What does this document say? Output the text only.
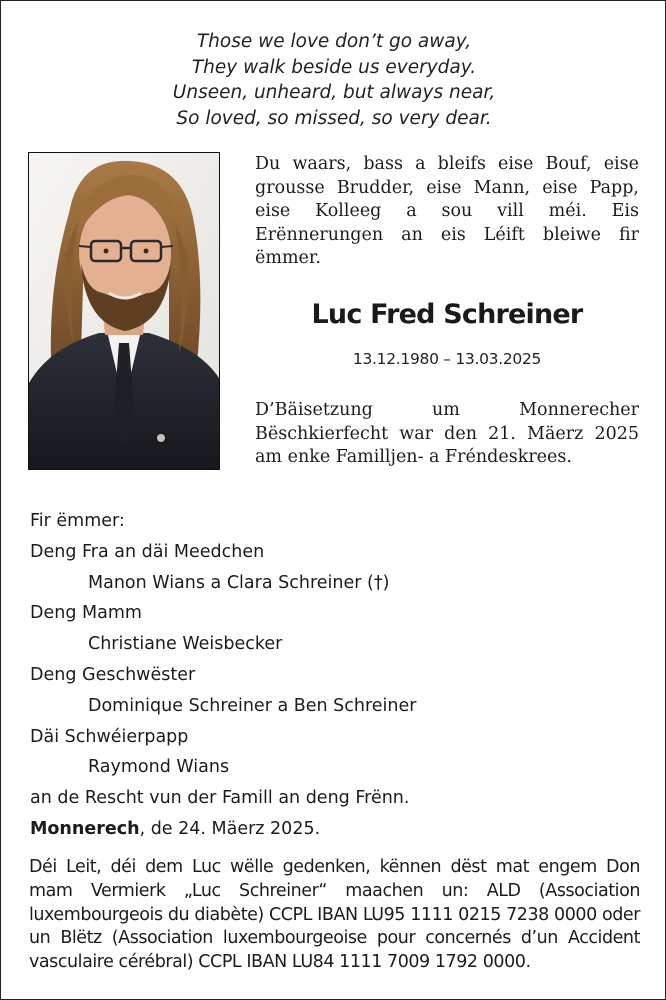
Those we love don’t go away,
They walk beside us everyday.
Unseen, unheard, but always near,
So loved, so missed, so very dear.
Du waars, bass a bleifs eise Bouf, eise grousse Brudder, eise Mann, eise Papp, eise Kolleeg a sou vill méi. Eis Erënnerungen an eis Léift bleiwe fir ëmmer.
Luc Fred Schreiner
13.12.1980 – 13.03.2025
D’Bäisetzung um Monnerecher Bëschkierfecht war den 21. Mäerz 2025 am enke Familljen- a Fréndeskrees.
Fir ëmmer:
Deng Fra an däi Meedchen
Manon Wians a Clara Schreiner (†)
Deng Mamm
Christiane Weisbecker
Deng Geschwëster
Dominique Schreiner a Ben Schreiner
Däi Schwéierpapp
Raymond Wians
an de Rescht vun der Famill an deng Frënn.
Monnerech, de 24. Mäerz 2025.
Déi Leit, déi dem Luc wëlle gedenken, kënnen dëst mat engem Don mam Vermierk „Luc Schreiner“ maachen un: ALD (Association luxembourgeois du diabète) CCPL IBAN LU95 1111 0215 7238 0000 oder un Blëtz (Association luxembourgeoise pour concernés d’un Accident vasculaire cérébral) CCPL IBAN LU84 1111 7009 1792 0000.
